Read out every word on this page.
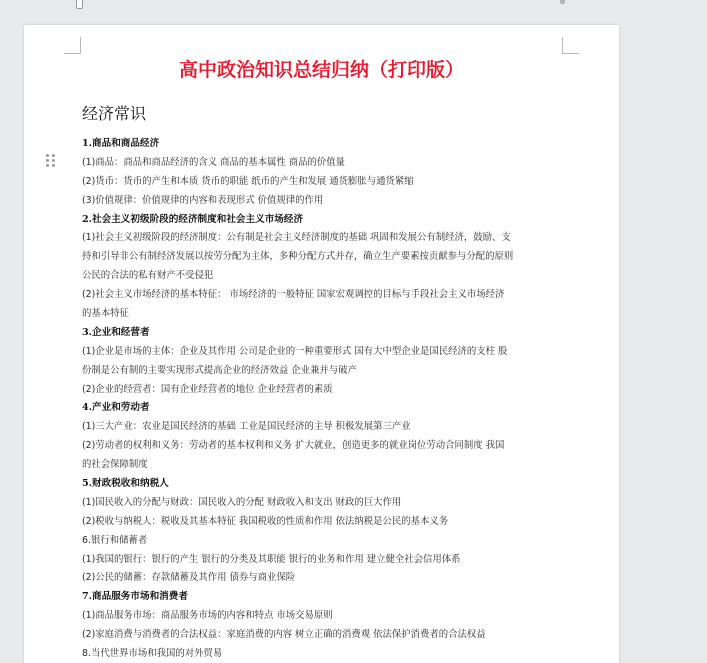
高中政治知识总结归纳（打印版）
经济常识
1.商品和商品经济
(1)商品：商品和商品经济的含义 商品的基本属性 商品的价值量
(2)货币：货币的产生和本质 货币的职能 纸币的产生和发展 通货膨胀与通货紧缩
(3)价值规律：价值规律的内容和表现形式 价值规律的作用
2.社会主义初级阶段的经济制度和社会主义市场经济
(1)社会主义初级阶段的经济制度：公有制是社会主义经济制度的基础 巩固和发展公有制经济，鼓励、支
持和引导非公有制经济发展以按劳分配为主体，多种分配方式并存，确立生产要素按贡献参与分配的原则
公民的合法的私有财产不受侵犯
(2)社会主义市场经济的基本特征： 市场经济的一般特征 国家宏观调控的目标与手段社会主义市场经济
的基本特征
3.企业和经营者
(1)企业是市场的主体：企业及其作用 公司是企业的一种重要形式 国有大中型企业是国民经济的支柱 股
份制是公有制的主要实现形式提高企业的经济效益 企业兼并与破产
(2)企业的经营者：国有企业经营者的地位 企业经营者的素质
4.产业和劳动者
(1)三大产业：农业是国民经济的基础 工业是国民经济的主导 积极发展第三产业
(2)劳动者的权利和义务：劳动者的基本权利和义务 扩大就业，创造更多的就业岗位劳动合同制度 我国
的社会保障制度
5.财政税收和纳税人
(1)国民收入的分配与财政：国民收入的分配 财政收入和支出 财政的巨大作用
(2)税收与纳税人：税收及其基本特征 我国税收的性质和作用 依法纳税是公民的基本义务
6.银行和储蓄者
(1)我国的银行：银行的产生 银行的分类及其职能 银行的业务和作用 建立健全社会信用体系
(2)公民的储蓄：存款储蓄及其作用 债券与商业保险
7.商品服务市场和消费者
(1)商品服务市场：商品服务市场的内容和特点 市场交易原则
(2)家庭消费与消费者的合法权益：家庭消费的内容 树立正确的消费观 依法保护消费者的合法权益
8.当代世界市场和我国的对外贸易
